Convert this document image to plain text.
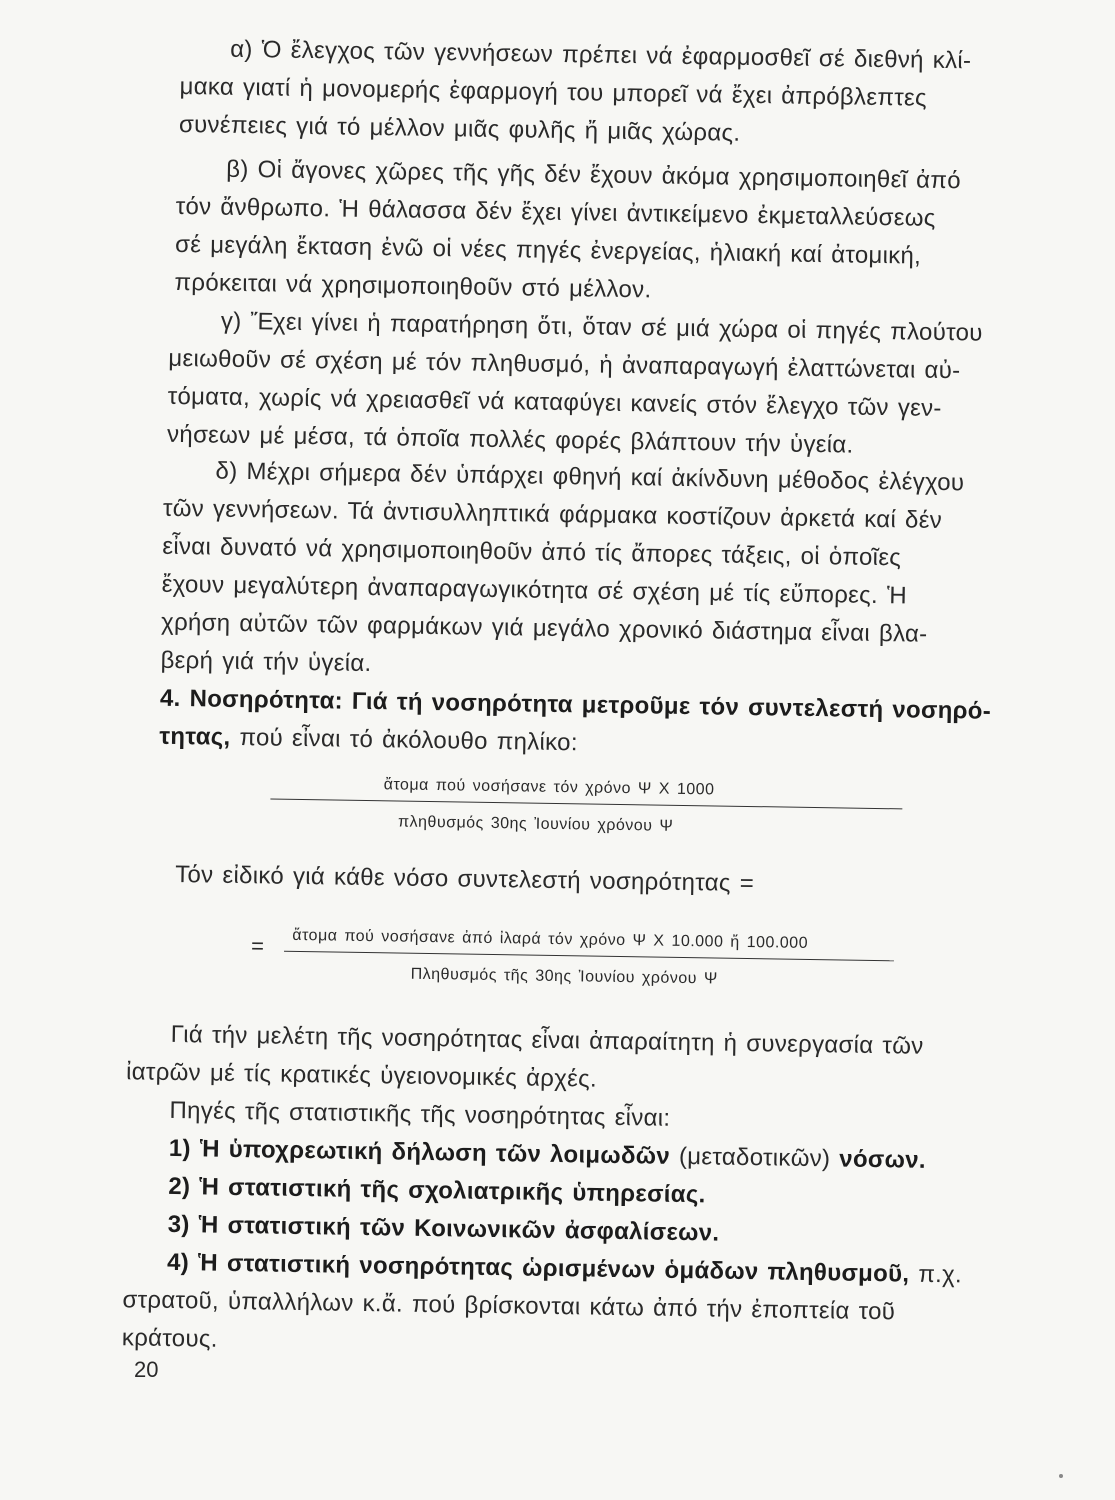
α) Ὁ ἔλεγχος τῶν γεννήσεων πρέπει νά ἐφαρμοσθεῖ σέ διεθνή κλί-
μακα γιατί ἡ μονομερής ἐφαρμογή του μπορεῖ νά ἔχει ἀπρόβλεπτες
συνέπειες γιά τό μέλλον μιᾶς φυλῆς ἤ μιᾶς χώρας.
β) Οἱ ἄγονες χῶρες τῆς γῆς δέν ἔχουν ἀκόμα χρησιμοποιηθεῖ ἀπό
τόν ἄνθρωπο. Ἡ θάλασσα δέν ἔχει γίνει ἀντικείμενο ἐκμεταλλεύσεως
σέ μεγάλη ἔκταση ἐνῶ οἱ νέες πηγές ἐνεργείας, ἡλιακή καί ἀτομική,
πρόκειται νά χρησιμοποιηθοῦν στό μέλλον.
γ) Ἔχει γίνει ἡ παρατήρηση ὅτι, ὅταν σέ μιά χώρα οἱ πηγές πλούτου
μειωθοῦν σέ σχέση μέ τόν πληθυσμό, ἡ ἀναπαραγωγή ἐλαττώνεται αὐ-
τόματα, χωρίς νά χρειασθεῖ νά καταφύγει κανείς στόν ἔλεγχο τῶν γεν-
νήσεων μέ μέσα, τά ὁποῖα πολλές φορές βλάπτουν τήν ὑγεία.
δ) Μέχρι σήμερα δέν ὑπάρχει φθηνή καί ἀκίνδυνη μέθοδος ἐλέγχου
τῶν γεννήσεων. Τά ἀντισυλληπτικά φάρμακα κοστίζουν ἀρκετά καί δέν
εἶναι δυνατό νά χρησιμοποιηθοῦν ἀπό τίς ἄπορες τάξεις, οἱ ὁποῖες
ἔχουν μεγαλύτερη ἀναπαραγωγικότητα σέ σχέση μέ τίς εὔπορες. Ἡ
χρήση αὐτῶν τῶν φαρμάκων γιά μεγάλο χρονικό διάστημα εἶναι βλα-
βερή γιά τήν ὑγεία.
4. Νοσηρότητα: Γιά τή νοσηρότητα μετροῦμε τόν συντελεστή νοσηρό-
τητας, πού εἶναι τό ἀκόλουθο πηλίκο:
ἄτομα πού νοσήσανε τόν χρόνο Ψ Χ 1000
πληθυσμός 30ης Ἰουνίου χρόνου Ψ
Τόν εἰδικό γιά κάθε νόσο συντελεστή νοσηρότητας =
= ἄτομα πού νοσήσανε ἀπό ἰλαρά τόν χρόνο Ψ Χ 10.000 ἤ 100.000
Πληθυσμός τῆς 30ης Ἰουνίου χρόνου Ψ
Γιά τήν μελέτη τῆς νοσηρότητας εἶναι ἀπαραίτητη ἡ συνεργασία τῶν
ἰατρῶν μέ τίς κρατικές ὑγειονομικές ἀρχές.
Πηγές τῆς στατιστικῆς τῆς νοσηρότητας εἶναι:
1) Ἡ ὑποχρεωτική δήλωση τῶν λοιμωδῶν (μεταδοτικῶν) νόσων.
2) Ἡ στατιστική τῆς σχολιατρικῆς ὑπηρεσίας.
3) Ἡ στατιστική τῶν Κοινωνικῶν ἀσφαλίσεων.
4) Ἡ στατιστική νοσηρότητας ὡρισμένων ὁμάδων πληθυσμοῦ, π.χ.
στρατοῦ, ὑπαλλήλων κ.ἄ. πού βρίσκονται κάτω ἀπό τήν ἐποπτεία τοῦ
κράτους.
20
